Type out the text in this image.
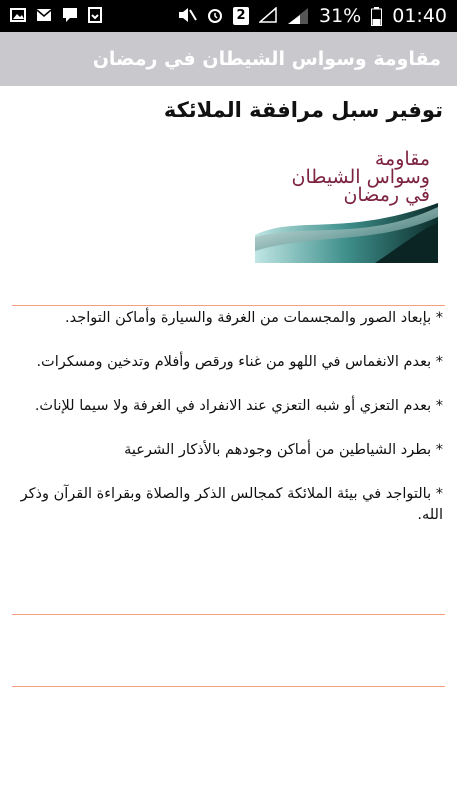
2	31% 01:40
مقاومة وسواس الشيطان في رمضان
توفير سبل مرافقة الملائكة
مقاومة
وسواس الشيطان
في رمضان
* بإبعاد الصور والمجسمات من الغرفة والسيارة وأماكن التواجد.
* بعدم الانغماس في اللهو من غناء ورقص وأفلام وتدخين ومسكرات.
* بعدم التعزي أو شبه التعزي عند الانفراد في الغرفة ولا سيما للإناث.
* بطرد الشياطين من أماكن وجودهم بالأذكار الشرعية
* بالتواجد في بيئة الملائكة كمجالس الذكر والصلاة وبقراءة القرآن وذكر الله.
